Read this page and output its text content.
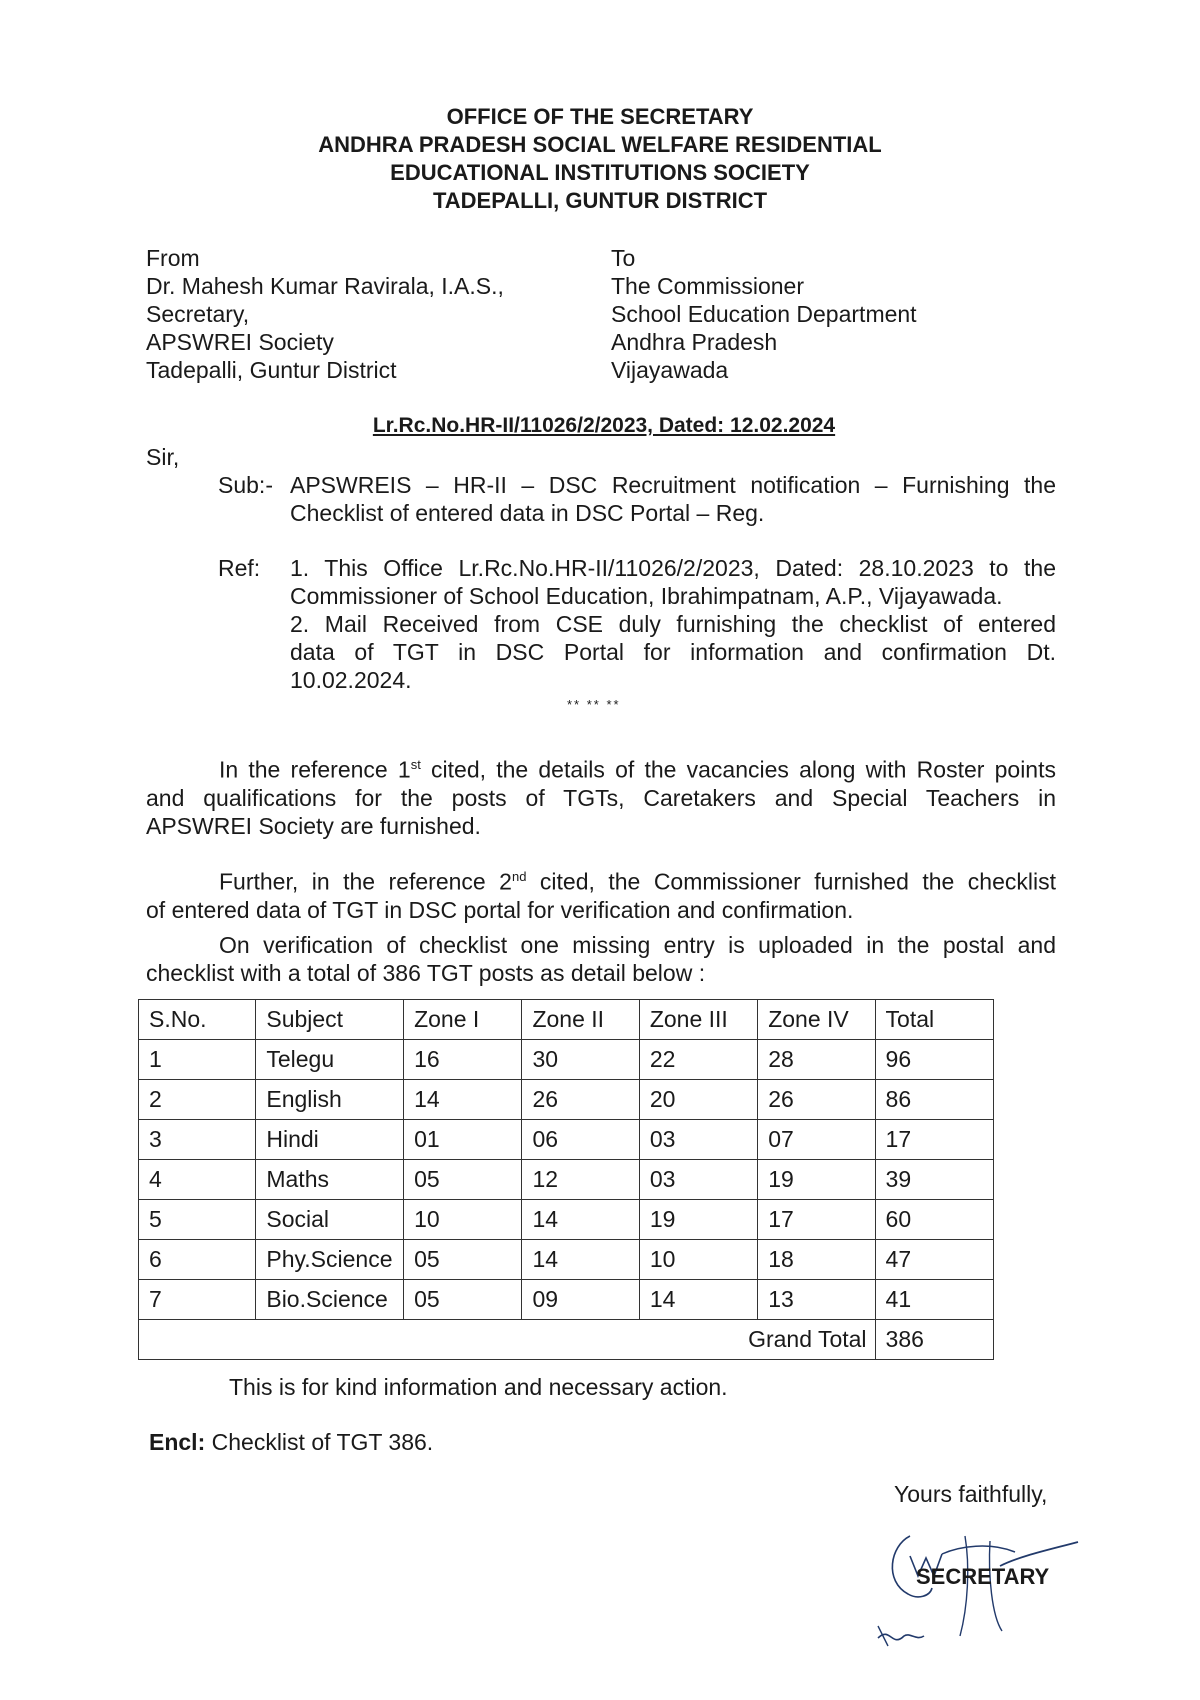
OFFICE OF THE SECRETARY
ANDHRA PRADESH SOCIAL WELFARE RESIDENTIAL
EDUCATIONAL INSTITUTIONS SOCIETY
TADEPALLI, GUNTUR DISTRICT
From
Dr. Mahesh Kumar Ravirala, I.A.S.,
Secretary,
APSWREI Society
Tadepalli, Guntur District
To
The Commissioner
School Education Department
Andhra Pradesh
Vijayawada
Lr.Rc.No.HR-II/11026/2/2023, Dated: 12.02.2024
Sir,
Sub:- APSWREIS – HR-II – DSC Recruitment notification – Furnishing the
Checklist of entered data in DSC Portal – Reg.
Ref: 1. This Office Lr.Rc.No.HR-II/11026/2/2023, Dated: 28.10.2023 to the
Commissioner of School Education, Ibrahimpatnam, A.P., Vijayawada.
2. Mail Received from CSE duly furnishing the checklist of entered
data of TGT in DSC Portal for information and confirmation Dt.
10.02.2024.
** ** **
In the reference 1st cited, the details of the vacancies along with Roster points
and qualifications for the posts of TGTs, Caretakers and Special Teachers in
APSWREI Society are furnished.
Further, in the reference 2nd cited, the Commissioner furnished the checklist
of entered data of TGT in DSC portal for verification and confirmation.
On verification of checklist one missing entry is uploaded in the postal and
checklist with a total of 386 TGT posts as detail below :
S.No.	Subject	Zone I	Zone II	Zone III	Zone IV	Total
1	Telegu	16	30	22	28	96
2	English	14	26	20	26	86
3	Hindi	01	06	03	07	17
4	Maths	05	12	03	19	39
5	Social	10	14	19	17	60
6	Phy.Science	05	14	10	18	47
7	Bio.Science	05	09	14	13	41
Grand Total						386
This is for kind information and necessary action.
Encl: Checklist of TGT 386.
Yours faithfully,
SECRETARY
